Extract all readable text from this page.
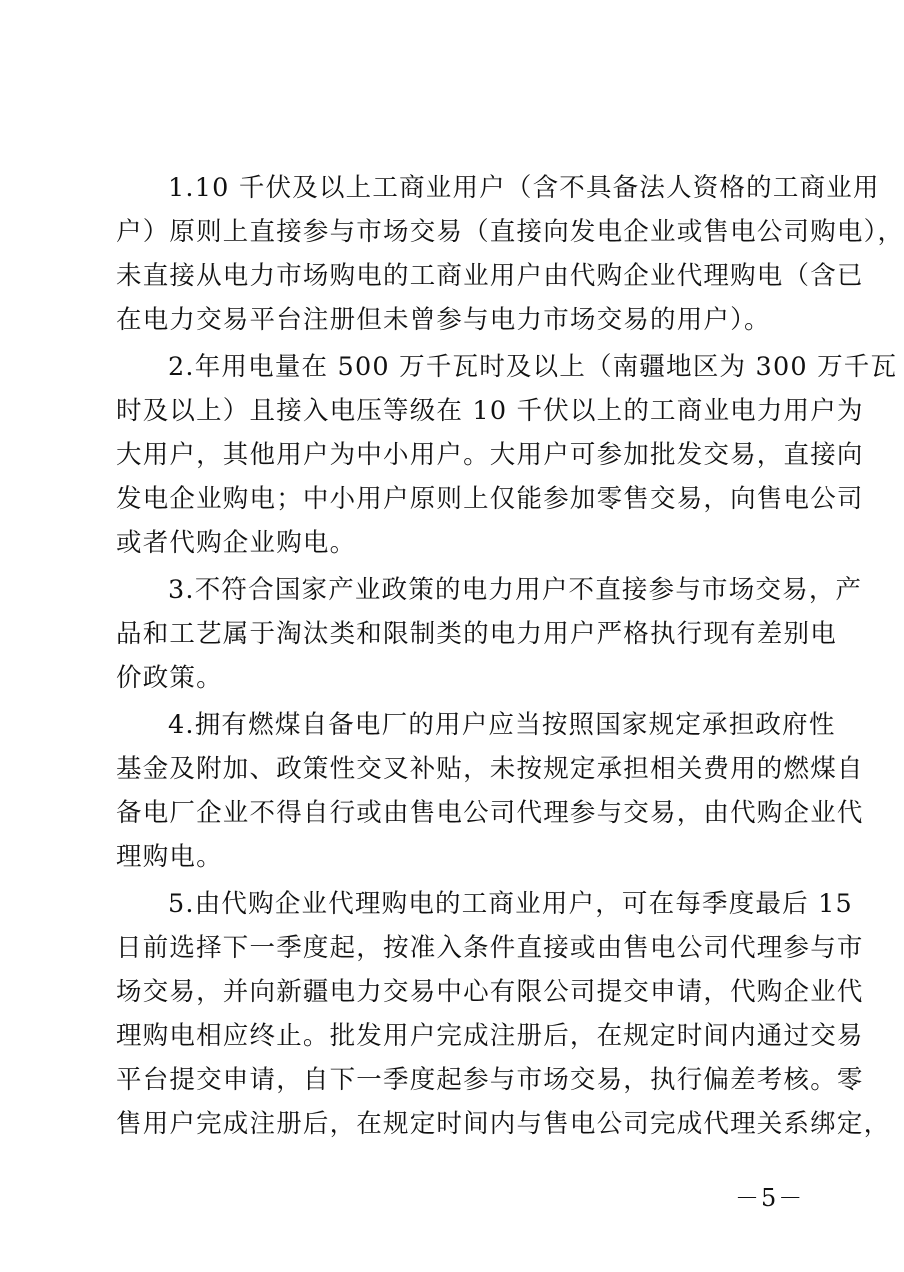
1.10 千伏及以上工商业用户（含不具备法人资格的工商业用
户）原则上直接参与市场交易（直接向发电企业或售电公司购电），
未直接从电力市场购电的工商业用户由代购企业代理购电（含已
在电力交易平台注册但未曾参与电力市场交易的用户）。

2.年用电量在 500 万千瓦时及以上（南疆地区为 300 万千瓦
时及以上）且接入电压等级在 10 千伏以上的工商业电力用户为
大用户，其他用户为中小用户。大用户可参加批发交易，直接向
发电企业购电；中小用户原则上仅能参加零售交易，向售电公司
或者代购企业购电。

3.不符合国家产业政策的电力用户不直接参与市场交易，产
品和工艺属于淘汰类和限制类的电力用户严格执行现有差别电
价政策。

4.拥有燃煤自备电厂的用户应当按照国家规定承担政府性
基金及附加、政策性交叉补贴，未按规定承担相关费用的燃煤自
备电厂企业不得自行或由售电公司代理参与交易，由代购企业代
理购电。

5.由代购企业代理购电的工商业用户，可在每季度最后 15
日前选择下一季度起，按准入条件直接或由售电公司代理参与市
场交易，并向新疆电力交易中心有限公司提交申请，代购企业代
理购电相应终止。批发用户完成注册后，在规定时间内通过交易
平台提交申请，自下一季度起参与市场交易，执行偏差考核。零
售用户完成注册后，在规定时间内与售电公司完成代理关系绑定，

－5－
